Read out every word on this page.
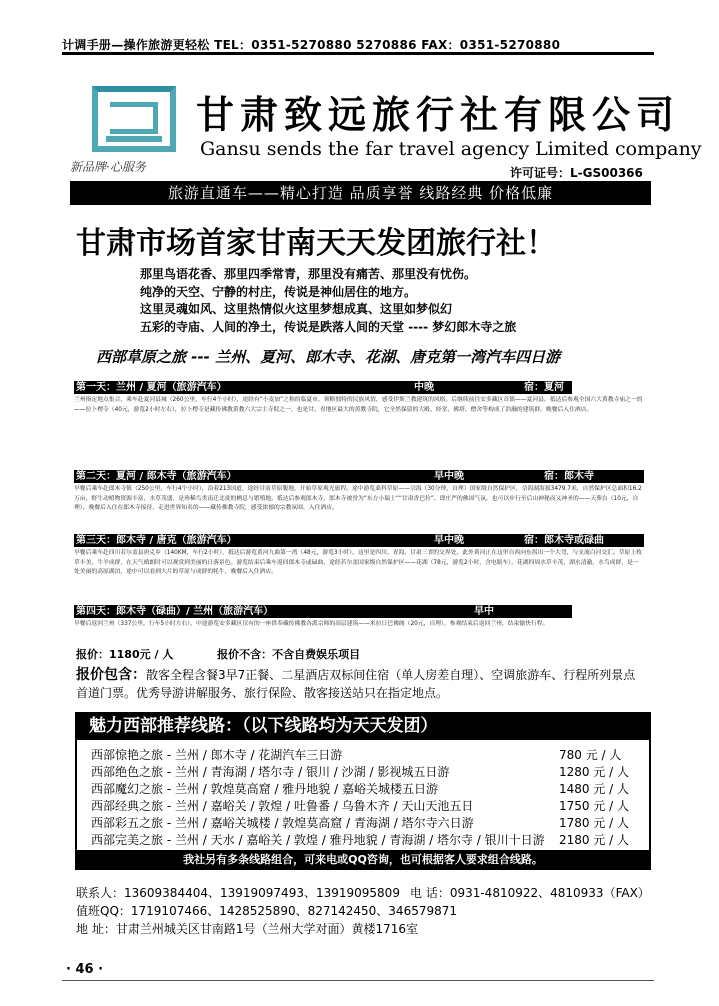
计调手册—操作旅游更轻松 TEL：0351-5270880 5270886 FAX：0351-5270880
新品牌·心服务
甘肃致远旅行社有限公司
Gansu sends the far travel agency Limited company
许可证号：L-GS00366
旅游直通车——精心打造 品质享誉 线路经典 价格低廉
甘肃市场首家甘南天天发团旅行社！
那里鸟语花香、那里四季常青，那里没有痛苦、那里没有忧伤。
纯净的天空、宁静的村庄，传说是神仙居住的地方。
这里灵魂如风、这里热情似火这里梦想成真、这里如梦似幻
五彩的寺庙、人间的净土，传说是跌落人间的天堂 ---- 梦幻郎木寺之旅
西部草原之旅 --- 兰州、夏河、郎木寺、花湖、唐克第一湾汽车四日游
第一天：兰州 / 夏河（旅游汽车）	中晚	宿：夏河
兰州指定地点集合，乘车赴夏河县城（260公里，车行4个小时），途经有“小麦加”之称的临夏市，领略独特的民族风情，感受伊斯兰教建筑的风格。后继续前往安多藏区首镇——夏河县。抵达后参观全国六大黄教寺庙之一的——拉卜楞寺（40元，游览2小时左右），拉卜楞寺是藏传佛教黄教六大宗主寺院之一，也是甘、青地区最大的黄教寺院，它全然保留的大殿、经堂、佛塔、僧舍等构成了浩瀚的建筑群。晚餐后入住酒店。
第二天：夏河 / 郎木寺（旅游汽车）	早中晚	宿：郎木寺
早餐后乘车赴郎木寺镇（250公里，车行4个小时），沿着213国道，途经甘南草原腹地，开始草原观光旅程。途中游览桑科草原——尕海（30分钟，自理）国家级自然保护区，尕海湖海拔3479.7米，自然保护区总面积16.2万亩，野生动植物资源丰富，水草茂盛，是珍稀鸟类南迁北徙的栖息与繁殖地。抵达后参观郎木寺，郎木寺被誉为“东方小瑞士”“甘肃香巴拉”，即庄严的佛国气氛，也可以步行至后山神秘而又神圣的——天葬台（10元，自理）。晚餐后入住在郎木寺接待，走进世界知名的——藏传佛教寺院，感受浓郁的宗教氛围，入住酒店。
第三天：郎木寺 / 唐克（旅游汽车）	早中晚	宿：郎木寺或碌曲
早餐后乘车赴四川若尔盖县唐克乡（140KM，车行2小时），抵达后游览黄河九曲第一湾（48元，游览3小时），这里是四川、青海、甘肃三省的交界处，此外黄河正在这里自西向东拐出一个大弯，与支流白河交汇。草原上牧草丰美，牛羊成群，在天气晴朗时可以观赏到美丽的日落景色。游览结束后乘车返回郎木寺或碌曲，途经若尔盖国家级自然保护区——花湖（78元，游览2小时，含电瓶车），花湖四周水草丰茂，湖水清澈，水鸟成群，是一处美丽的高原湖泊，途中可以看到大片的草原与成群的牦牛，晚餐后入住酒店。
第四天：郎木寺（碌曲）/ 兰州（旅游汽车）	早中
早餐后返回兰州（337公里，行车5小时左右），中途游览安多藏区仅有的一座供奉藏传佛教各派宗师的高层建筑——米拉日巴佛阁（20元，自理），参观结束后返回兰州，结束愉快行程。
报价：1180元 / 人	报价不含：不含自费娱乐项目
报价包含：散客全程含餐3早7正餐、二星酒店双标间住宿（单人房差自理）、空调旅游车、行程所列景点首道门票。优秀导游讲解服务、旅行保险、散客接送站只在指定地点。
魅力西部推荐线路：（以下线路均为天天发团）
西部惊艳之旅 - 兰州 / 郎木寺 / 花湖汽车三日游	780 元 / 人
西部绝色之旅 - 兰州 / 青海湖 / 塔尔寺 / 银川 / 沙湖 / 影视城五日游	1280 元 / 人
西部魔幻之旅 - 兰州 / 敦煌莫高窟 / 雅丹地貌 / 嘉峪关城楼五日游	1480 元 / 人
西部经典之旅 - 兰州 / 嘉峪关 / 敦煌 / 吐鲁番 / 乌鲁木齐 / 天山天池五日	1750 元 / 人
西部彩五之旅 - 兰州 / 嘉峪关城楼 / 敦煌莫高窟 / 青海湖 / 塔尔寺六日游	1780 元 / 人
西部完美之旅 - 兰州 / 天水 / 嘉峪关 / 敦煌 / 雅丹地貌 / 青海湖 / 塔尔寺 / 银川十日游 2180 元 / 人
我社另有多条线路组合，可来电或QQ咨询，也可根据客人要求组合线路。
联系人：13609384404、13919097493、13919095809 电 话：0931-4810922、4810933（FAX）
值班QQ：1719107466、1428525890、827142450、346579871
地 址：甘肃兰州城关区甘南路1号（兰州大学对面）黄楼1716室
· 46 ·
